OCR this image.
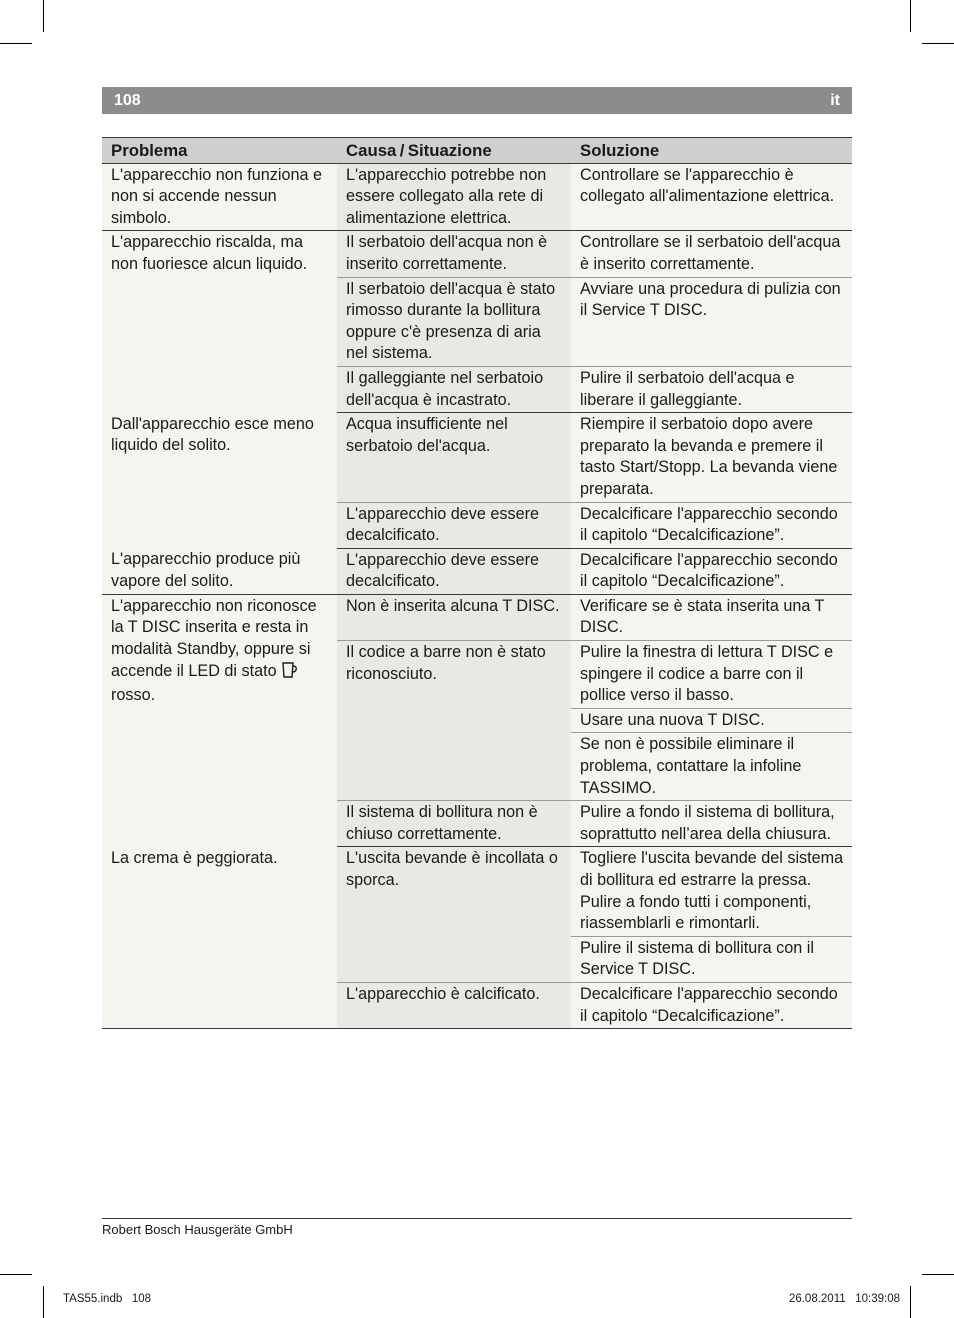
108	it
Problema	Causa / Situazione	Soluzione
L'apparecchio non funziona e non si accende nessun simbolo.	L'apparecchio potrebbe non essere collegato alla rete di alimentazione elettrica.	Controllare se l'apparecchio è collegato all'alimentazione elettrica.
L'apparecchio riscalda, ma non fuoriesce alcun liquido.	Il serbatoio dell'acqua non è inserito correttamente.	Controllare se il serbatoio dell'acqua è inserito correttamente.
	Il serbatoio dell'acqua è stato rimosso durante la bollitura oppure c'è presenza di aria nel sistema.	Avviare una procedura di pulizia con il Service T DISC.
	Il galleggiante nel serbatoio dell'acqua è incastrato.	Pulire il serbatoio dell'acqua e liberare il galleggiante.
Dall'apparecchio esce meno liquido del solito.	Acqua insufficiente nel serbatoio del'acqua.	Riempire il serbatoio dopo avere preparato la bevanda e premere il tasto Start/Stopp. La bevanda viene preparata.
	L'apparecchio deve essere decalcificato.	Decalcificare l'apparecchio secondo il capitolo “Decalcificazione”.
L'apparecchio produce più vapore del solito.	L'apparecchio deve essere decalcificato.	Decalcificare l'apparecchio secondo il capitolo “Decalcificazione”.
L'apparecchio non riconosce la T DISC inserita e resta in modalità Standby, oppure si accende il LED di stato  rosso.	Non è inserita alcuna T DISC.	Verificare se è stata inserita una T DISC.
	Il codice a barre non è stato riconosciuto.	Pulire la finestra di lettura T DISC e spingere il codice a barre con il pollice verso il basso.
		Usare una nuova T DISC.
		Se non è possibile eliminare il problema, contattare la infoline TASSIMO.
	Il sistema di bollitura non è chiuso correttamente.	Pulire a fondo il sistema di bollitura, soprattutto nell’area della chiusura.
La crema è peggiorata.	L'uscita bevande è incollata o sporca.	Togliere l'uscita bevande del sistema di bollitura ed estrarre la pressa. Pulire a fondo tutti i componenti, riassemblarli e rimontarli.
		Pulire il sistema di bollitura con il Service T DISC.
	L'apparecchio è calcificato.	Decalcificare l'apparecchio secondo il capitolo “Decalcificazione”.
Robert Bosch Hausgeräte GmbH
TAS55.indb   108	26.08.2011   10:39:08
